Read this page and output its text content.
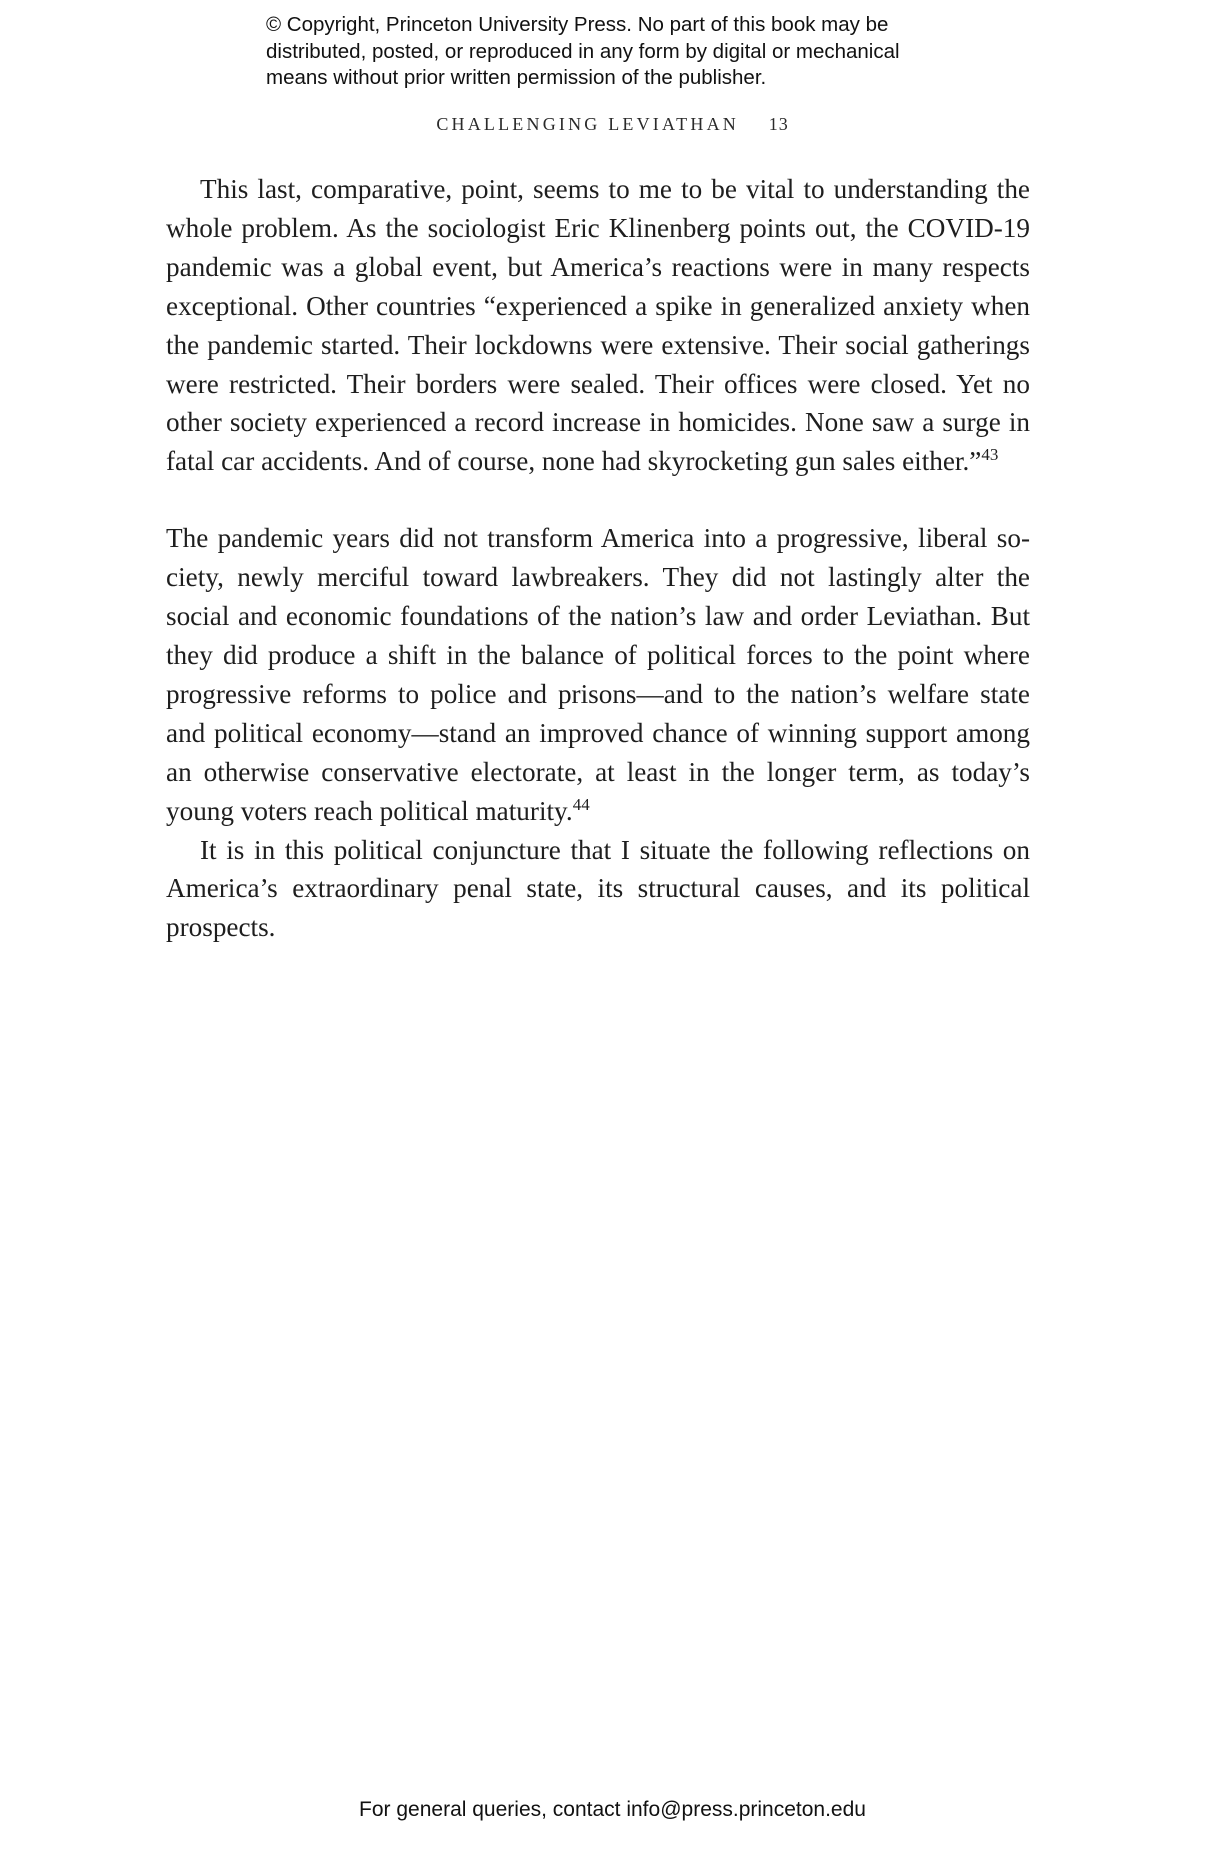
© Copyright, Princeton University Press. No part of this book may be
distributed, posted, or reproduced in any form by digital or mechanical
means without prior written permission of the publisher.
CHALLENGING LEVIATHAN 13

This last, comparative, point, seems to me to be vital to understanding the whole problem. As the sociologist Eric Klinenberg points out, the COVID-19 pandemic was a global event, but America’s reactions were in many respects exceptional. Other countries “experienced a spike in generalized anxiety when the pandemic started. Their lockdowns were extensive. Their social gatherings were restricted. Their borders were sealed. Their offices were closed. Yet no other society experienced a record increase in homicides. None saw a surge in fatal car accidents. And of course, none had skyrocketing gun sales either.”$^{43}$

The pandemic years did not transform America into a progressive, liberal society, newly merciful toward lawbreakers. They did not lastingly alter the social and economic foundations of the nation’s law and order Leviathan. But they did produce a shift in the balance of political forces to the point where progressive reforms to police and prisons—and to the nation’s welfare state and political economy—stand an improved chance of winning support among an otherwise conservative electorate, at least in the longer term, as today’s young voters reach political maturity.$^{44}$

It is in this political conjuncture that I situate the following reflections on America’s extraordinary penal state, its structural causes, and its political prospects.

For general queries, contact info@press.princeton.edu
